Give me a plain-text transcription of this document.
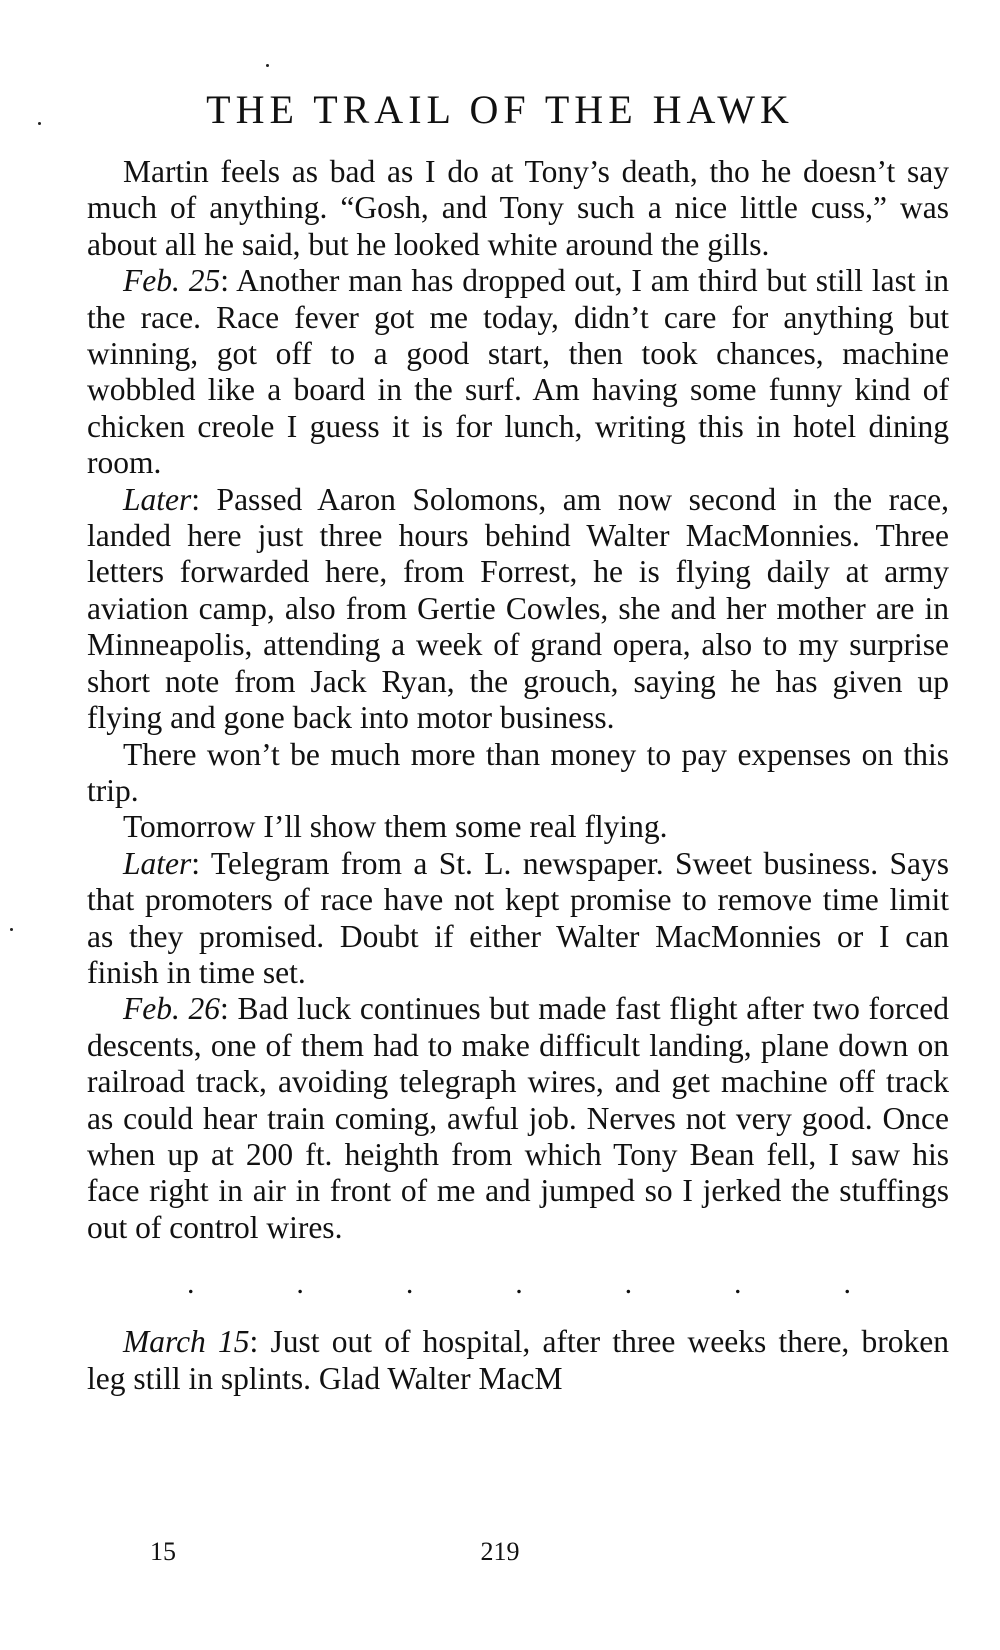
THE TRAIL OF THE HAWK

Martin feels as bad as I do at Tony’s death, tho he doesn’t say much of anything. “Gosh, and Tony such a nice little cuss,” was about all he said, but he looked white around the gills.

Feb. 25: Another man has dropped out, I am third but still last in the race. Race fever got me today, didn’t care for anything but winning, got off to a good start, then took chances, machine wobbled like a board in the surf. Am having some funny kind of chicken creole I guess it is for lunch, writing this in hotel dining room.

Later: Passed Aaron Solomons, am now second in the race, landed here just three hours behind Walter MacMonnies. Three letters forwarded here, from Forrest, he is flying daily at army aviation camp, also from Gertie Cowles, she and her mother are in Minneapolis, attending a week of grand opera, also to my surprise short note from Jack Ryan, the grouch, saying he has given up flying and gone back into motor business.

There won’t be much more than money to pay expenses on this trip.

Tomorrow I’ll show them some real flying.

Later: Telegram from a St. L. newspaper. Sweet business. Says that promoters of race have not kept promise to remove time limit as they promised. Doubt if either Walter MacMonnies or I can finish in time set.

Feb. 26: Bad luck continues but made fast flight after two forced descents, one of them had to make difficult landing, plane down on railroad track, avoiding telegraph wires, and get machine off track as could hear train coming, awful job. Nerves not very good. Once when up at 200 ft. heighth from which Tony Bean fell, I saw his face right in air in front of me and jumped so I jerked the stuffings out of control wires.

.	.	.	.	.	.	.

March 15: Just out of hospital, after three weeks there, broken leg still in splints. Glad Walter MacM

15	219
